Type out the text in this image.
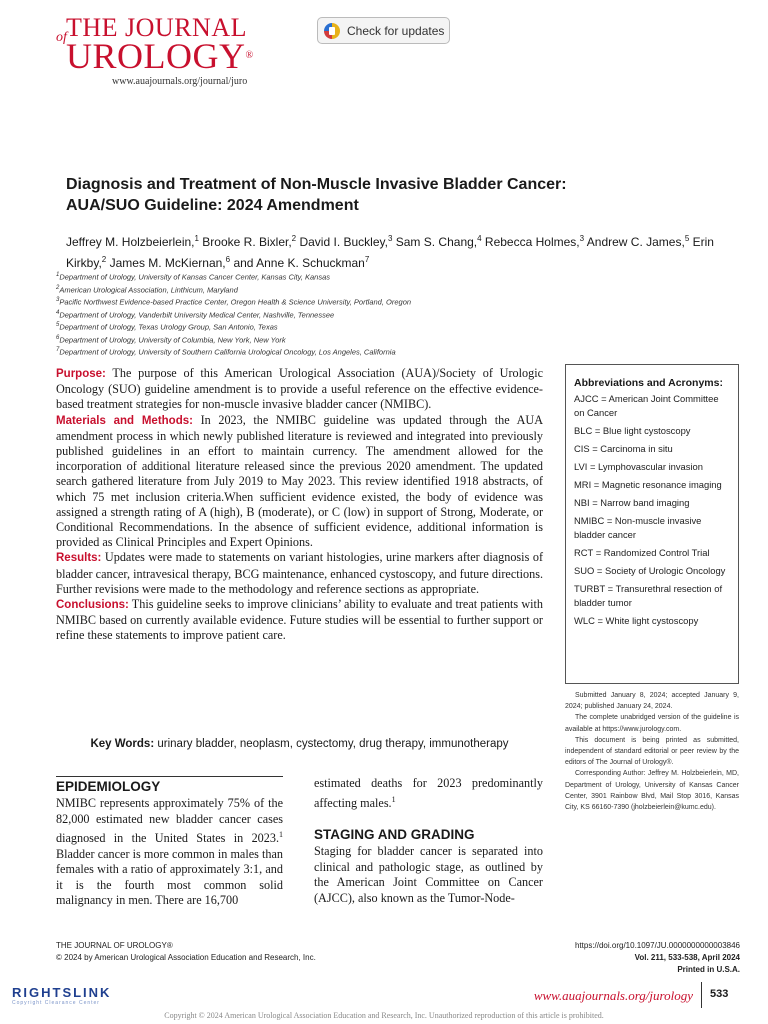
THE JOURNAL
of UROLOGY®
www.auajournals.org/journal/juro
Check for updates
Diagnosis and Treatment of Non-Muscle Invasive Bladder Cancer: AUA/SUO Guideline: 2024 Amendment
Jeffrey M. Holzbeierlein,$^1$ Brooke R. Bixler,$^2$ David I. Buckley,$^3$ Sam S. Chang,$^4$ Rebecca Holmes,$^3$ Andrew C. James,$^5$ Erin Kirkby,$^2$ James M. McKiernan,$^6$ and Anne K. Schuckman$^7$
$^1$Department of Urology, University of Kansas Cancer Center, Kansas City, Kansas
$^2$American Urological Association, Linthicum, Maryland
$^3$Pacific Northwest Evidence-based Practice Center, Oregon Health & Science University, Portland, Oregon
$^4$Department of Urology, Vanderbilt University Medical Center, Nashville, Tennessee
$^5$Department of Urology, Texas Urology Group, San Antonio, Texas
$^6$Department of Urology, University of Columbia, New York, New York
$^7$Department of Urology, University of Southern California Urological Oncology, Los Angeles, California

Purpose: The purpose of this American Urological Association (AUA)/Society of Urologic Oncology (SUO) guideline amendment is to provide a useful reference on the effective evidence-based treatment strategies for non-muscle invasive bladder cancer (NMIBC).

Materials and Methods: In 2023, the NMIBC guideline was updated through the AUA amendment process in which newly published literature is reviewed and integrated into previously published guidelines in an effort to maintain currency. The amendment allowed for the incorporation of additional literature released since the previous 2020 amendment. The updated search gathered literature from July 2019 to May 2023. This review identified 1918 abstracts, of which 75 met inclusion criteria.When sufficient evidence existed, the body of evidence was assigned a strength rating of A (high), B (moderate), or C (low) in support of Strong, Moderate, or Conditional Recommendations. In the absence of sufficient evidence, additional information is provided as Clinical Principles and Expert Opinions.

Results: Updates were made to statements on variant histologies, urine markers after diagnosis of bladder cancer, intravesical therapy, BCG maintenance, enhanced cystoscopy, and future directions. Further revisions were made to the methodology and reference sections as appropriate.

Conclusions: This guideline seeks to improve clinicians’ ability to evaluate and treat patients with NMIBC based on currently available evidence. Future studies will be essential to further support or refine these statements to improve patient care.

Key Words: urinary bladder, neoplasm, cystectomy, drug therapy, immunotherapy
EPIDEMIOLOGY

NMIBC represents approximately 75% of the 82,000 estimated new bladder cancer cases diagnosed in the United States in 2023.$^1$ Bladder cancer is more common in males than females with a ratio of approximately 3:1, and it is the fourth most common solid malignancy in men. There are 16,700

estimated deaths for 2023 predominantly affecting males.$^1$

STAGING AND GRADING

Staging for bladder cancer is separated into clinical and pathologic stage, as outlined by the American Joint Committee on Cancer (AJCC), also known as the Tumor-Node-

Abbreviations and Acronyms:
AJCC = American Joint Committee on Cancer
BLC = Blue light cystoscopy
CIS = Carcinoma in situ
LVI = Lymphovascular invasion
MRI = Magnetic resonance imaging
NBI = Narrow band imaging
NMIBC = Non-muscle invasive bladder cancer
RCT = Randomized Control Trial
SUO = Society of Urologic Oncology
TURBT = Transurethral resection of bladder tumor
WLC = White light cystoscopy

Submitted January 8, 2024; accepted January 9, 2024; published January 24, 2024.

The complete unabridged version of the guideline is available at https://www.jurology.com.

This document is being printed as submitted, independent of standard editorial or peer review by the editors of The Journal of Urology®.

Corresponding Author: Jeffrey M. Holzbeierlein, MD, Department of Urology, University of Kansas Cancer Center, 3901 Rainbow Blvd, Mail Stop 3016, Kansas City, KS 66160-7390 (jholzbeierlein@kumc.edu).

THE JOURNAL OF UROLOGY®
© 2024 by American Urological Association Education and Research, Inc.
https://doi.org/10.1097/JU.0000000000003846
Vol. 211, 533-538, April 2024
Printed in U.S.A.
RIGHTSLINK
Copyright Clearance Center	www.auajournals.org/jurology 533
Copyright © 2024 American Urological Association Education and Research, Inc. Unauthorized reproduction of this article is prohibited.
